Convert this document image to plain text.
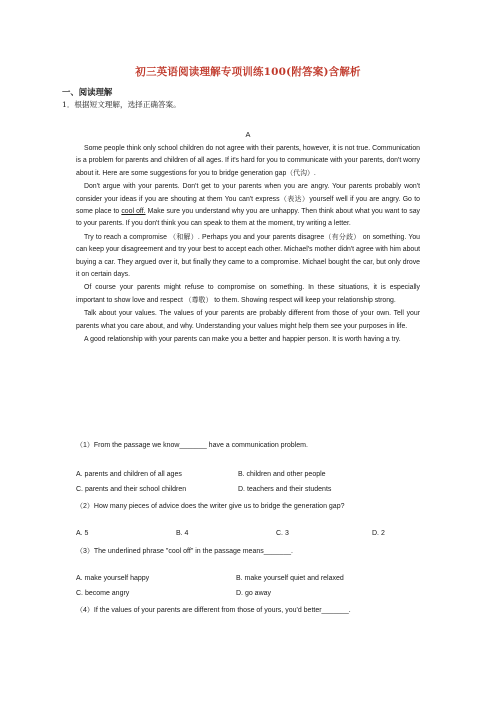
初三英语阅读理解专项训练100(附答案)含解析
一、阅读理解
1．根据短文理解，选择正确答案。
A

Some people think only school children do not agree with their parents, however, it is not true. Communication is a problem for parents and children of all ages. If it's hard for you to communicate with your parents, don't worry about it. Here are some suggestions for you to bridge generation gap（代沟）.

Don't argue with your parents. Don't get to your parents when you are angry. Your parents probably won't consider your ideas if you are shouting at them You can't express（表达）yourself well if you are angry. Go to some place to cool off. Make sure you understand why you are unhappy. Then think about what you want to say to your parents. If you don't think you can speak to them at the moment, try writing a letter.

Try to reach a compromise （和解）. Perhaps you and your parents disagree（有分歧） on something. You can keep your disagreement and try your best to accept each other. Michael's mother didn't agree with him about buying a car. They argued over it, but finally they came to a compromise. Michael bought the car, but only drove it on certain days.

Of course your parents might refuse to compromise on something. In these situations, it is especially important to show love and respect （尊敬） to them. Showing respect will keep your relationship strong.

Talk about your values. The values of your parents are probably different from those of your own. Tell your parents what you care about, and why. Understanding your values might help them see your purposes in life.

A good relationship with your parents can make you a better and happier person. It is worth having a try.

（1）From the passage we know_______ have a communication problem.
A. parents and children of all ages	B. children and other people
C. parents and their school children	D. teachers and their students
（2）How many pieces of advice does the writer give us to bridge the generation gap?
A. 5	B. 4	C. 3	D. 2
（3）The underlined phrase "cool off" in the passage means_______.
A. make yourself happy	B. make yourself quiet and relaxed
C. become angry	D. go away
（4）If the values of your parents are different from those of yours, you'd better_______.
